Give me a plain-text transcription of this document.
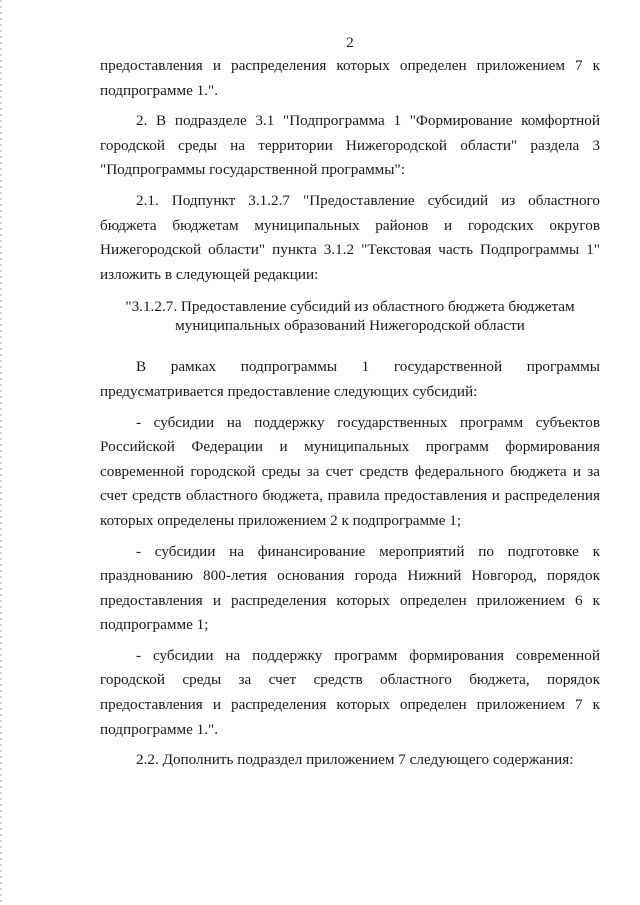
2

предоставления и распределения которых определен приложением 7 к подпрограмме 1.".

2. В подразделе 3.1 "Подпрограмма 1 "Формирование комфортной городской среды на территории Нижегородской области" раздела 3 "Подпрограммы государственной программы":

2.1. Подпункт 3.1.2.7 "Предоставление субсидий из областного бюджета бюджетам муниципальных районов и городских округов Нижегородской области" пункта 3.1.2 "Текстовая часть Подпрограммы 1" изложить в следующей редакции:

"3.1.2.7. Предоставление субсидий из областного бюджета бюджетам

муниципальных образований Нижегородской области

В рамках подпрограммы 1 государственной программы предусматривается предоставление следующих субсидий:

- субсидии на поддержку государственных программ субъектов Российской Федерации и муниципальных программ формирования современной городской среды за счет средств федерального бюджета и за счет средств областного бюджета, правила предоставления и распределения которых определены приложением 2 к подпрограмме 1;

- субсидии на финансирование мероприятий по подготовке к празднованию 800-летия основания города Нижний Новгород, порядок предоставления и распределения которых определен приложением 6 к подпрограмме 1;

- субсидии на поддержку программ формирования современной городской среды за счет средств областного бюджета, порядок предоставления и распределения которых определен приложением 7 к подпрограмме 1.".

2.2. Дополнить подраздел приложением 7 следующего содержания:
